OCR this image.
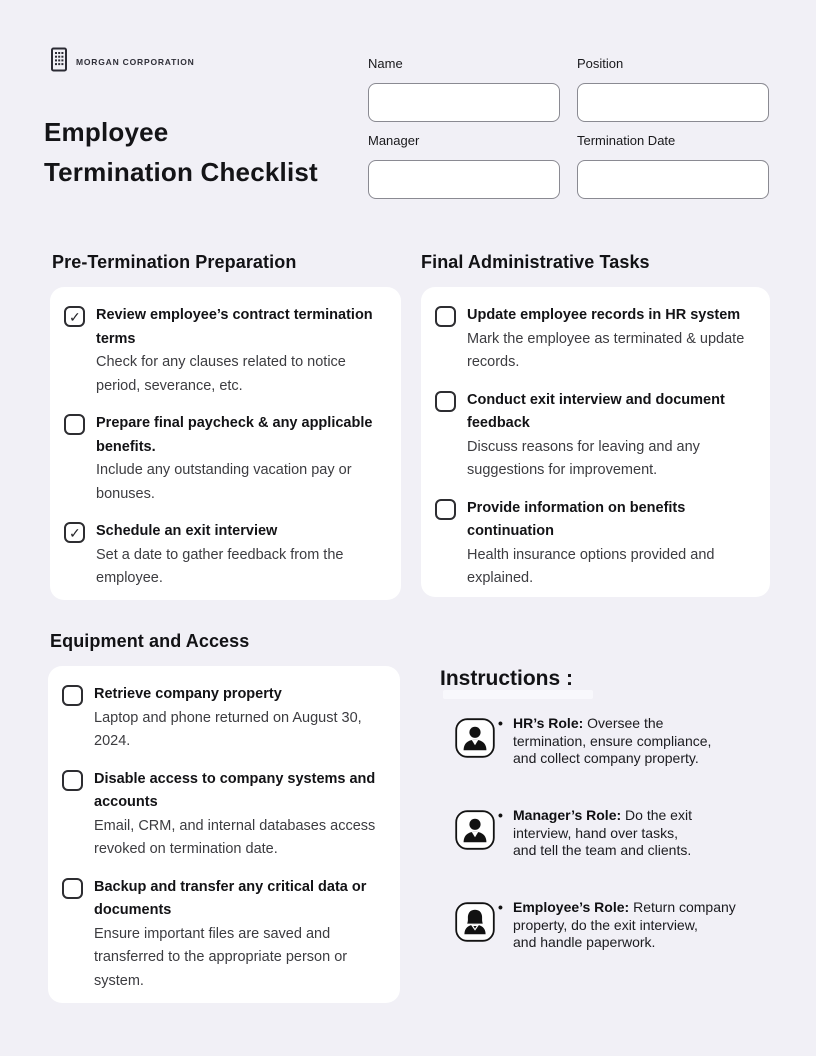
MORGAN CORPORATION
Employee
Termination Checklist
Name	Position
Manager	Termination Date
Pre-Termination Preparation	Final Administrative Tasks
Equipment and Access
✓
Review employee’s contract termination terms
Check for any clauses related to notice period, severance, etc.
Prepare final paycheck & any applicable benefits.
Include any outstanding vacation pay or bonuses.
✓
Schedule an exit interview
Set a date to gather feedback from the employee.
Update employee records in HR system
Mark the employee as terminated & update records.
Conduct exit interview and document feedback
Discuss reasons for leaving and any suggestions for improvement.
Provide information on benefits continuation
Health insurance options provided and explained.
Retrieve company property
Laptop and phone returned on August 30, 2024.
Disable access to company systems and accounts
Email, CRM, and internal databases access revoked on termination date.
Backup and transfer any critical data or documents
Ensure important files are saved and transferred to the appropriate person or system.
Instructions :
• HR’s Role: Oversee the
termination, ensure compliance,
and collect company property.
• Manager’s Role: Do the exit
interview, hand over tasks,
and tell the team and clients.
• Employee’s Role: Return company
property, do the exit interview,
and handle paperwork.
